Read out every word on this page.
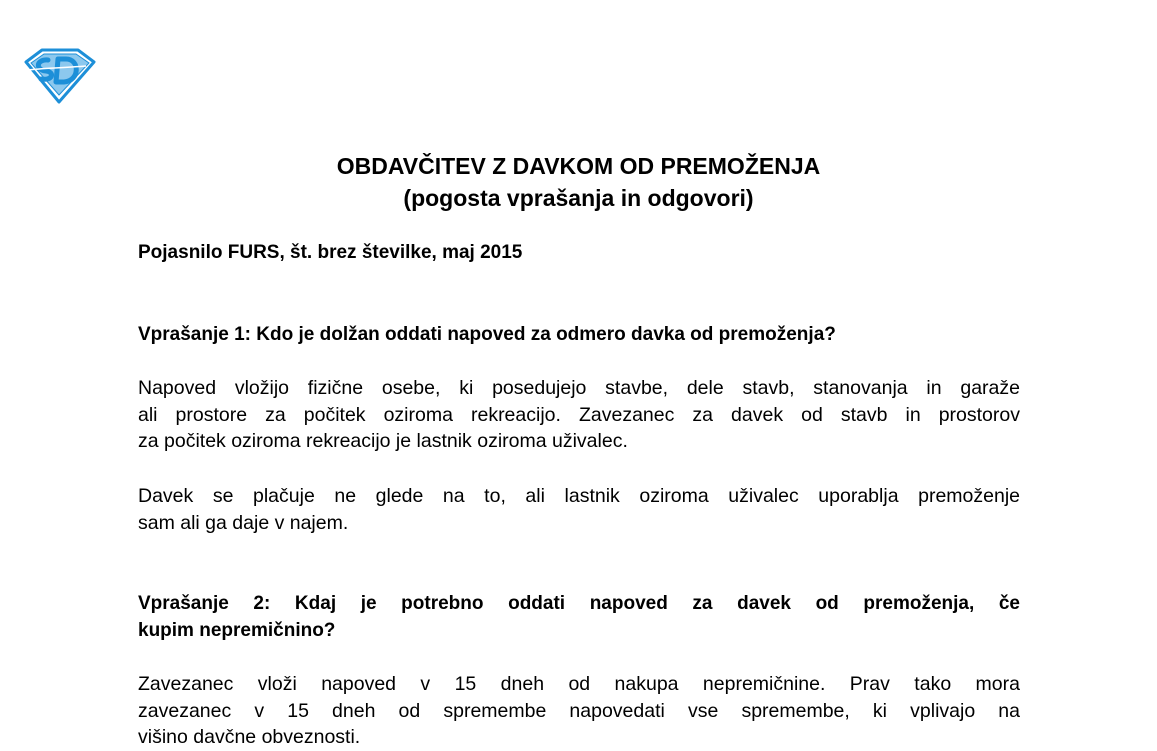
OBDAVČITEV Z DAVKOM OD PREMOŽENJA
(pogosta vprašanja in odgovori)
Pojasnilo FURS, št. brez številke, maj 2015
Vprašanje 1: Kdo je dolžan oddati napoved za odmero davka od premoženja?
Napoved vložijo fizične osebe, ki posedujejo stavbe, dele stavb, stanovanja in garaže
ali prostore za počitek oziroma rekreacijo. Zavezanec za davek od stavb in prostorov
za počitek oziroma rekreacijo je lastnik oziroma uživalec.
Davek se plačuje ne glede na to, ali lastnik oziroma uživalec uporablja premoženje
sam ali ga daje v najem.
Vprašanje 2: Kdaj je potrebno oddati napoved za davek od premoženja, če
kupim nepremičnino?
Zavezanec vloži napoved v 15 dneh od nakupa nepremičnine. Prav tako mora
zavezanec v 15 dneh od spremembe napovedati vse spremembe, ki vplivajo na
višino davčne obveznosti.
